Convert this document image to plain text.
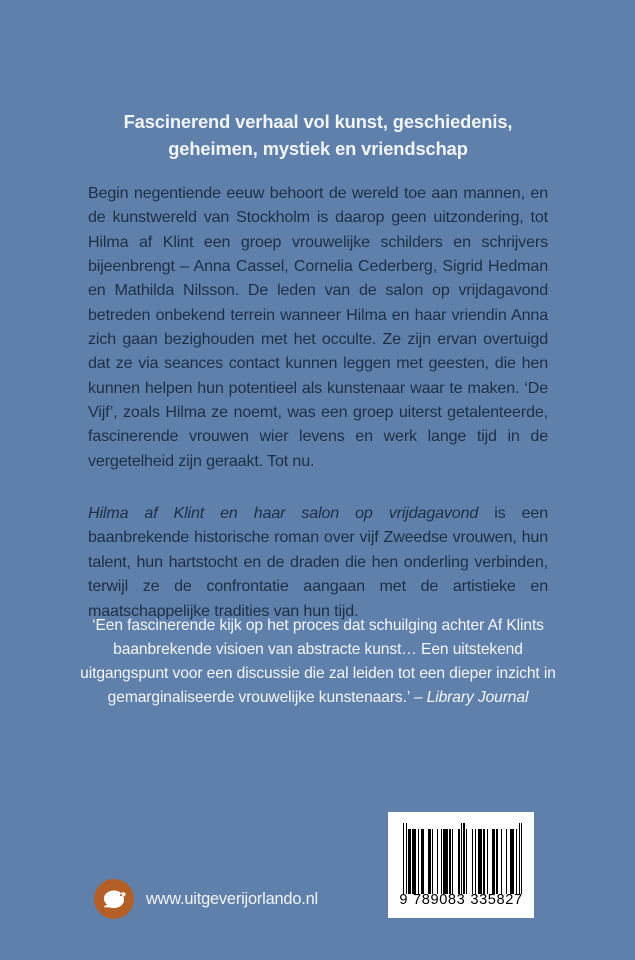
Fascinerend verhaal vol kunst, geschiedenis, geheimen, mystiek en vriendschap

Begin negentiende eeuw behoort de wereld toe aan mannen, en de kunstwereld van Stockholm is daarop geen uitzondering, tot Hilma af Klint een groep vrouwelijke schilders en schrijvers bijeenbrengt – Anna Cassel, Cornelia Cederberg, Sigrid Hedman en Mathilda Nilsson. De leden van de salon op vrijdagavond betreden onbekend terrein wanneer Hilma en haar vriendin Anna zich gaan bezighouden met het occulte. Ze zijn ervan overtuigd dat ze via seances contact kunnen leggen met geesten, die hen kunnen helpen hun potentieel als kunstenaar waar te maken. ‘De Vijf’, zoals Hilma ze noemt, was een groep uiterst getalenteerde, fascinerende vrouwen wier levens en werk lange tijd in de vergetelheid zijn geraakt. Tot nu.

Hilma af Klint en haar salon op vrijdagavond is een baanbrekende historische roman over vijf Zweedse vrouwen, hun talent, hun hartstocht en de draden die hen onderling verbinden, terwijl ze de confrontatie aangaan met de artistieke en maatschappelijke tradities van hun tijd.

‘Een fascinerende kijk op het proces dat schuilging achter Af Klints baanbrekende visioen van abstracte kunst… Een uitstekend uitgangspunt voor een discussie die zal leiden tot een dieper inzicht in gemarginaliseerde vrouwelijke kunstenaars.’ – Library Journal
www.uitgeverijorlando.nl	9 789083 335827
